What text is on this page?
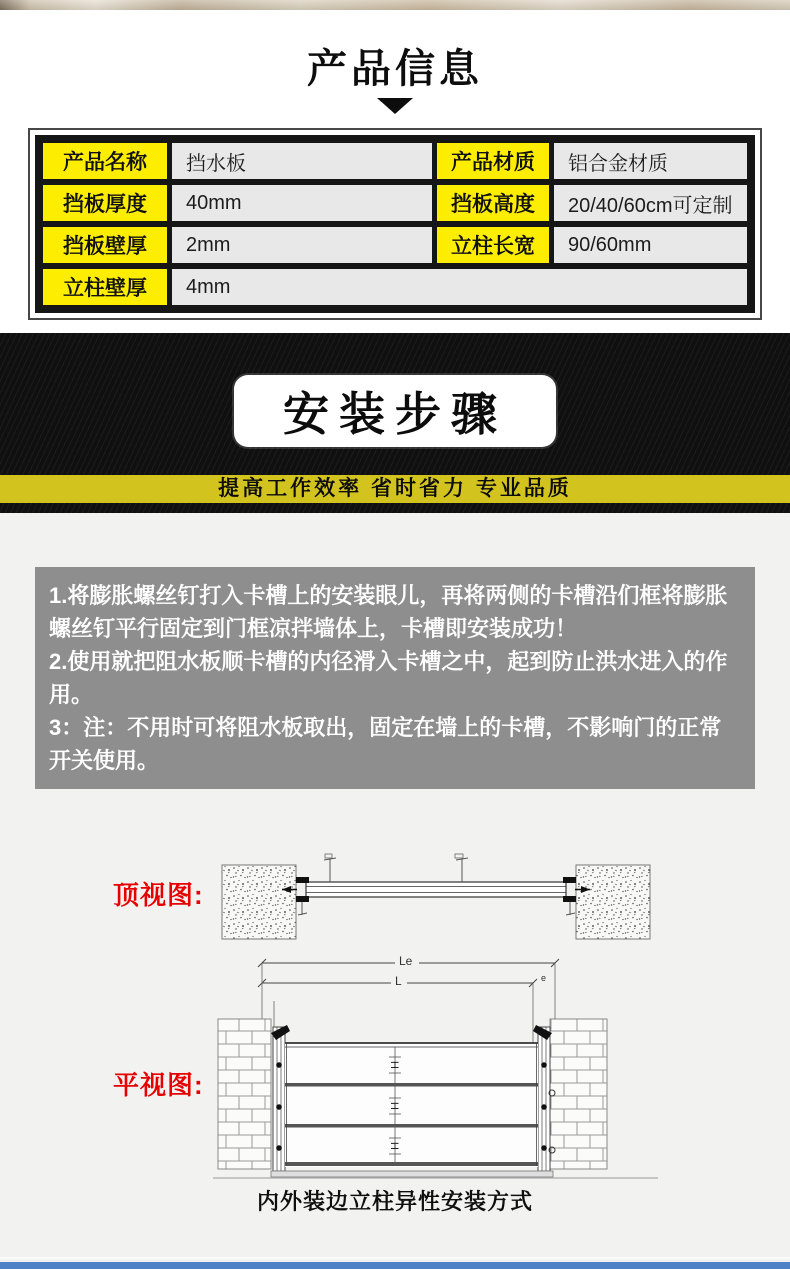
产品信息
产品名称	挡水板	产品材质	铝合金材质
挡板厚度	40mm	挡板高度	20/40/60cm可定制
挡板壁厚	2mm	立柱长宽	90/60mm
立柱壁厚	4mm
安装步骤
提高工作效率 省时省力 专业品质

1.将膨胀螺丝钉打入卡槽上的安装眼儿，再将两侧的卡槽沿们框将膨胀螺丝钉平行固定到门框凉拌墙体上，卡槽即安装成功！

2.使用就把阻水板顺卡槽的内径滑入卡槽之中，起到防止洪水进入的作用。

3：注：不用时可将阻水板取出，固定在墙上的卡槽，不影响门的正常开关使用。

顶视图:
平视图:
Le
L	e
H
H
H
内外装边立柱异性安装方式
